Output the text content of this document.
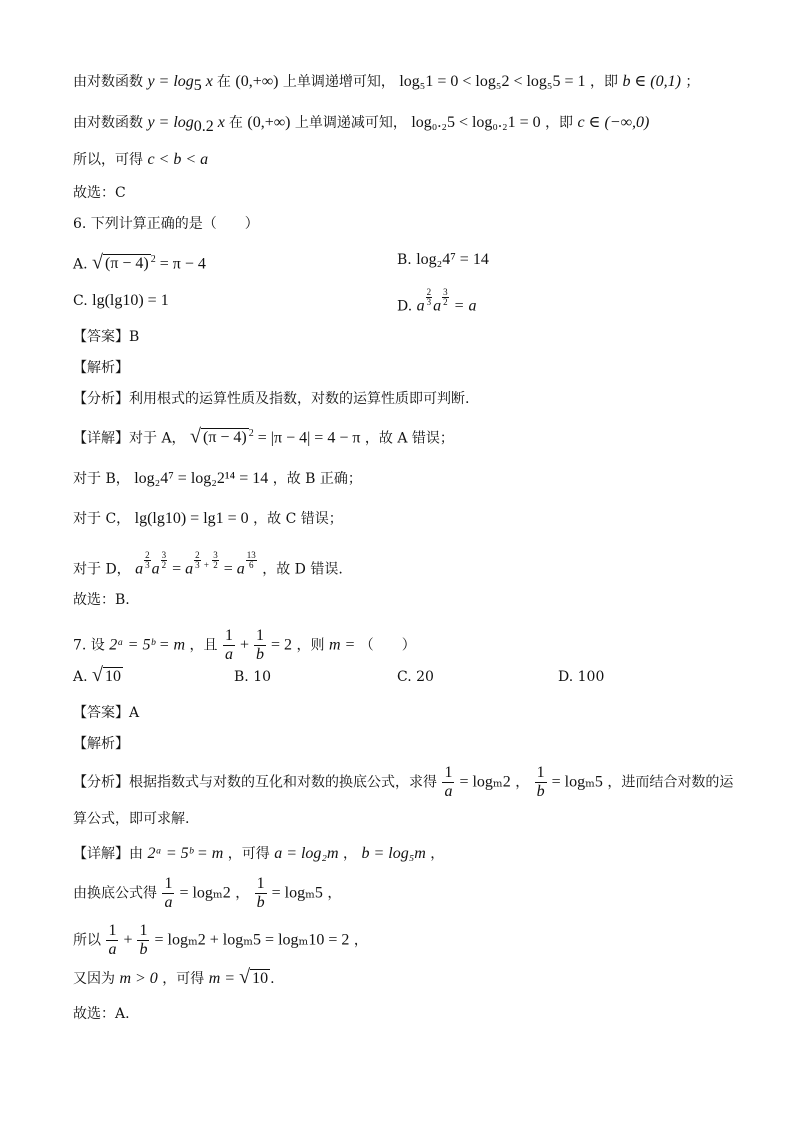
由对数函数 $y = \log_5 x$ 在 (0,+∞) 上单调递增可知， log₅1 = 0 < log₅2 < log₅5 = 1 ，即 b ∈ (0,1) ；
由对数函数 $y = \log_{0.2} x$ 在 (0,+∞) 上单调递减可知， log₀.₂5 < log₀.₂1 = 0 ，即 c ∈ (−∞,0)
所以，可得 c < b < a
故选：C
6. 下列计算正确的是（　　）
A. √ (π − 4) $^2$ = π − 4	B. log₂4⁷ = 14
C. lg(lg10) = 1	D. a $\frac{2}{3}$ a $\frac{3}{2} = a$
【答案】B
【解析】
【分析】利用根式的运算性质及指数，对数的运算性质即可判断.
【详解】对于 A， √ (π − 4) $^2$ = |π − 4| = 4 − π ，故 A 错误；
对于 B， log₂4⁷ = log₂2¹⁴ = 14 ，故 B 正确；
对于 C， lg(lg10) = lg1 = 0 ，故 C 错误；
对于 D， a $\frac{2}{3}$ a $\frac{3}{2} = a \frac{2}{3} ^+ \frac{3}{2} = a \frac{13}{6}$ ，故 D 错误.
故选：B.
7. 设 2ᵃ = 5ᵇ = m ，且 $\frac{1}{a} + \frac{1}{b} = 2$ ，则 m = （　　）
A. √ 10	B. 10	C. 20	D. 100
【答案】A
【解析】
【分析】根据指数式与对数的互化和对数的换底公式，求得 $\frac{1}{a} = \log_m2$ ， $\frac{1}{b} = \log_m5$ ，进而结合对数的运
算公式，即可求解.
【详解】由 2ᵃ = 5ᵇ = m ，可得 a = log₂m ， b = log₅m ，
由换底公式得 $\frac{1}{a} = \log_m2$ ， $\frac{1}{b} = \log_m5$ ，
所以 $\frac{1}{a} + \frac{1}{b} = \log_m2 + \log_m5 = \log_m10 = 2$ ，
又因为 m > 0 ，可得 m = √ 10 .
故选：A.
